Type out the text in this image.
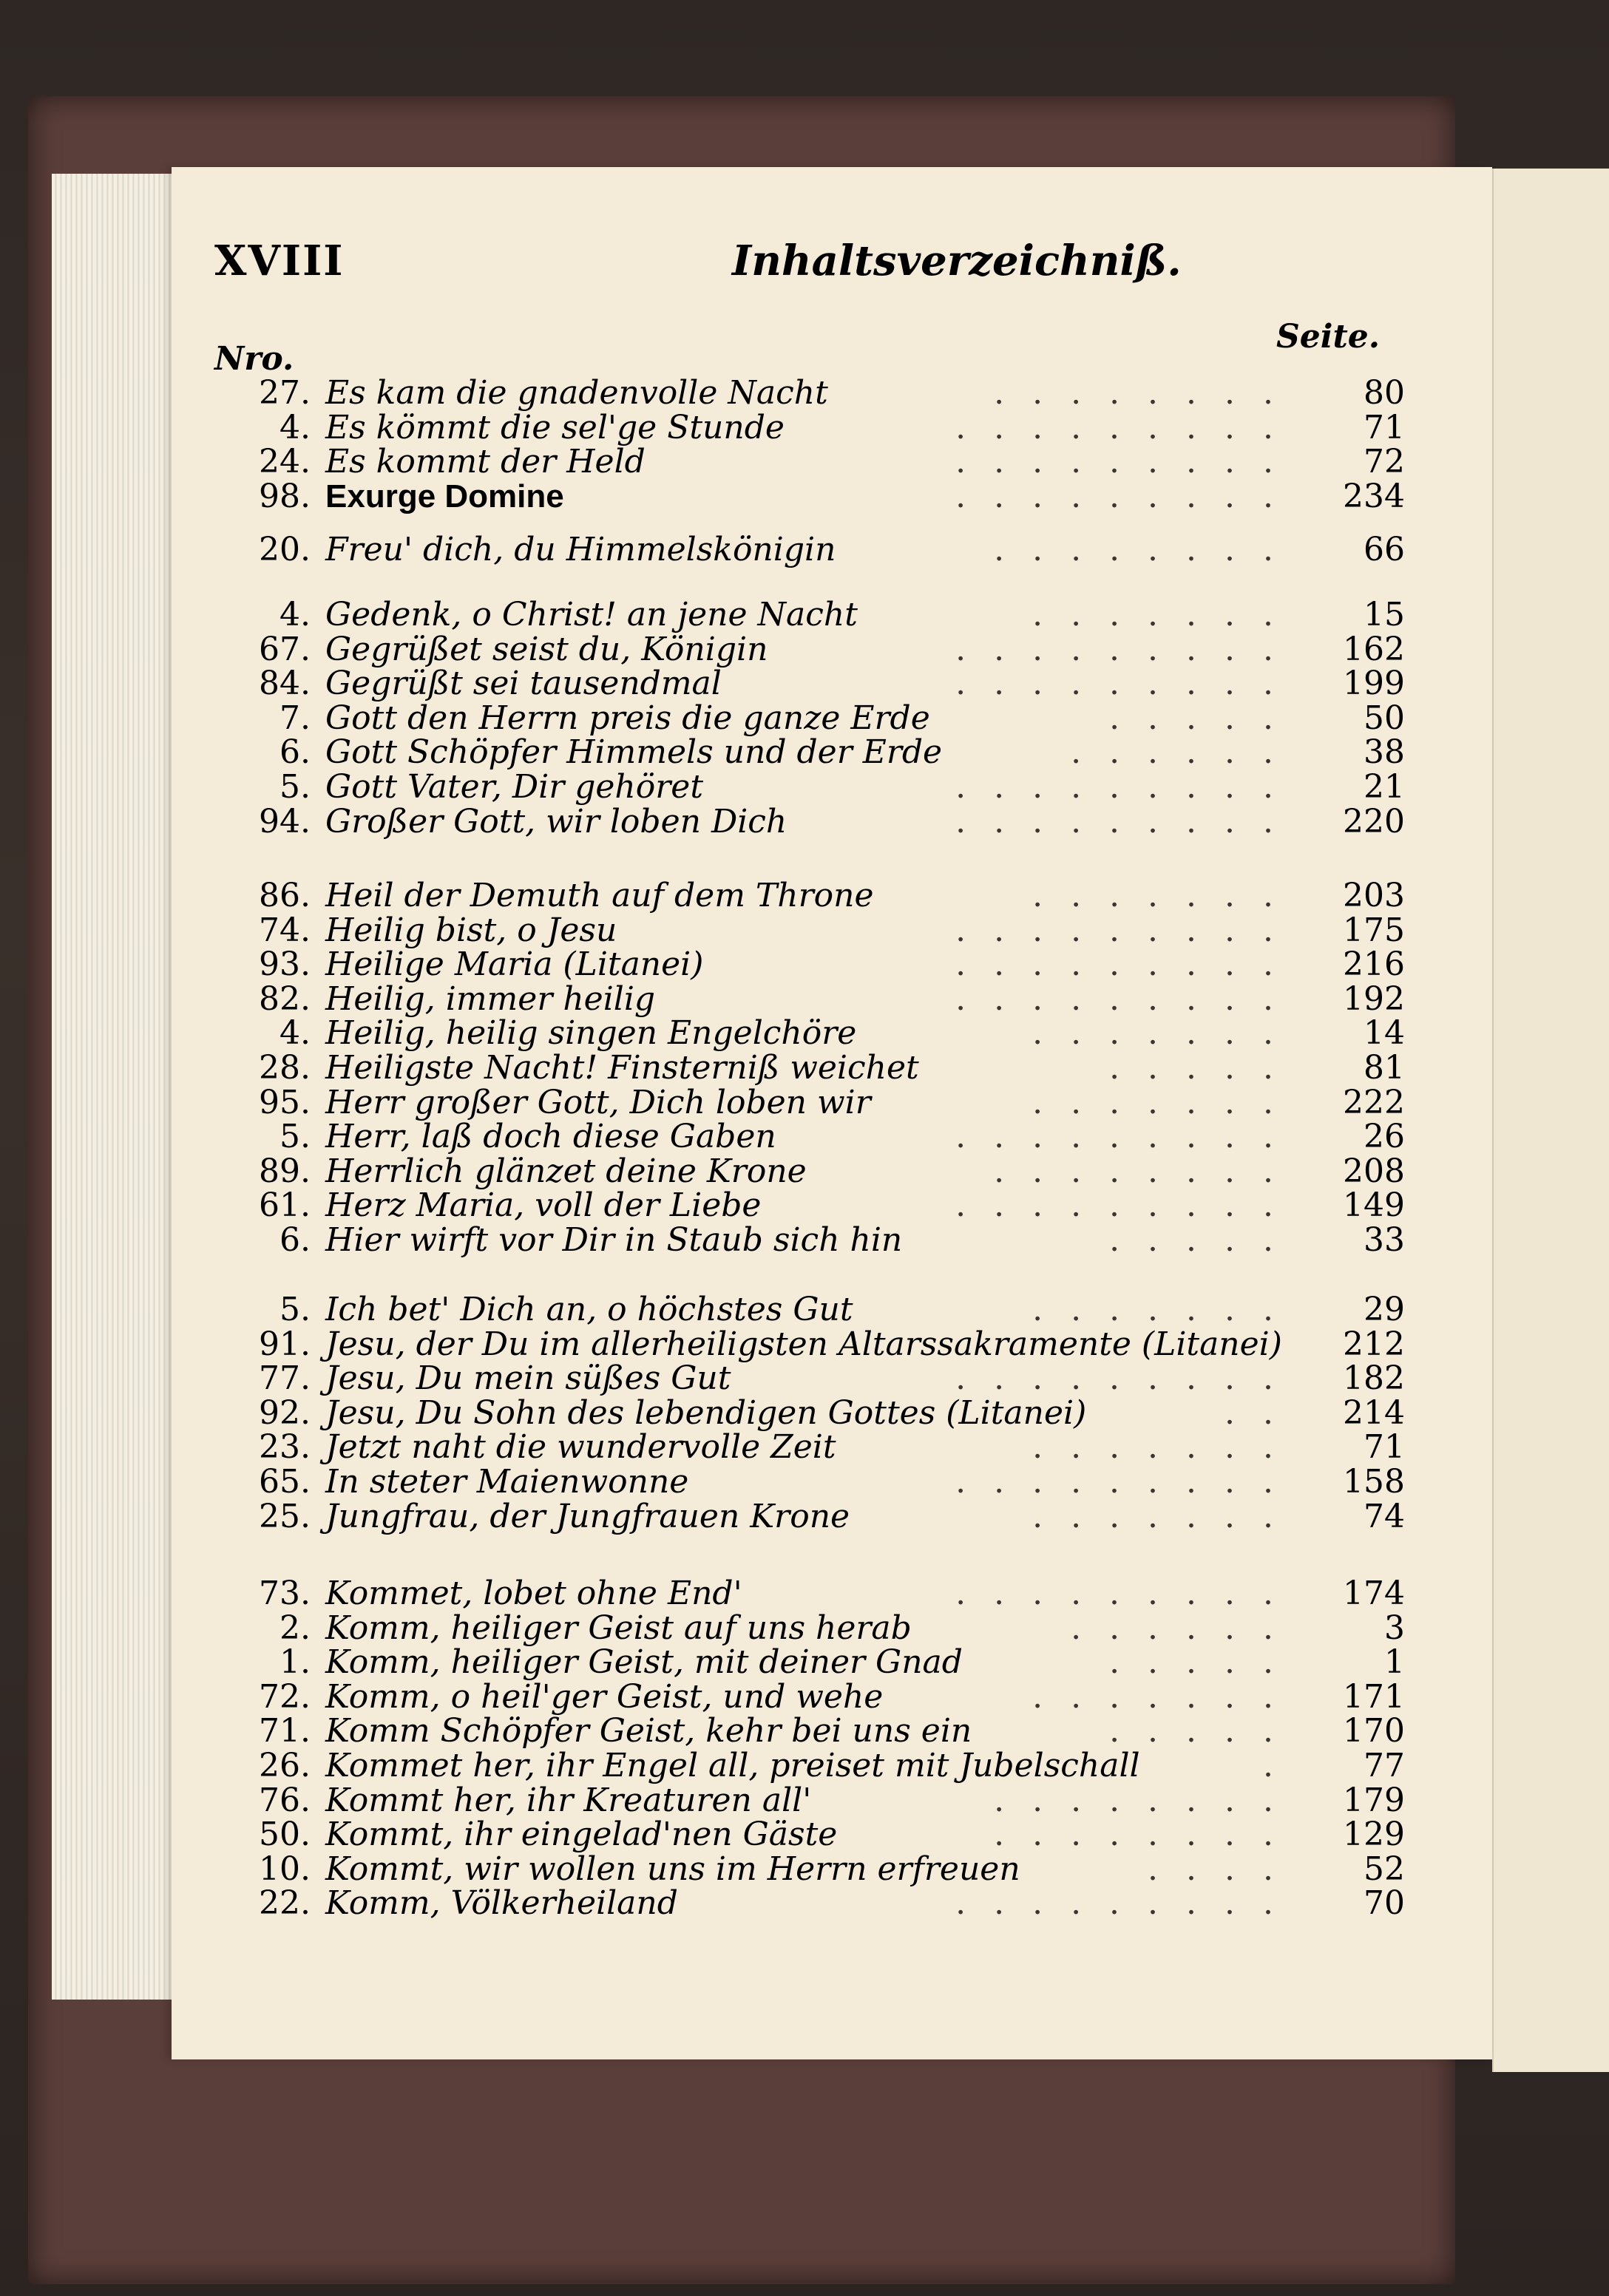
XVIII	Inhaltsverzeichniß.
Nro.
Seite.
27. Es kam die gnadenvolle Nacht	........	80
4. Es kömmt die sel'ge Stunde	.........	71
24. Es kommt der Held	.........	72
98. Exurge Domine	.........	234
20. Freu' dich, du Himmelskönigin	........	66
4. Gedenk, o Christ! an jene Nacht	.......	15
67. Gegrüßet seist du, Königin	.........	162
84. Gegrüßt sei tausendmal	.........	199
7. Gott den Herrn preis die ganze Erde	.....	50
6. Gott Schöpfer Himmels und der Erde	......	38
5. Gott Vater, Dir gehöret	.........	21
94. Großer Gott, wir loben Dich	.........	220
86. Heil der Demuth auf dem Throne	.......	203
74. Heilig bist, o Jesu	.........	175
93. Heilige Maria (Litanei)	.........	216
82. Heilig, immer heilig	.........	192
4. Heilig, heilig singen Engelchöre	.......	14
28. Heiligste Nacht! Finsterniß weichet	.....	81
95. Herr großer Gott, Dich loben wir	.......	222
5. Herr, laß doch diese Gaben	.........	26
89. Herrlich glänzet deine Krone	........	208
61. Herz Maria, voll der Liebe	.........	149
6. Hier wirft vor Dir in Staub sich hin	.....	33
5. Ich bet' Dich an, o höchstes Gut	.......	29
91. Jesu, der Du im allerheiligsten Altarssakramente (Litanei)	212
77. Jesu, Du mein süßes Gut	.........	182
92. Jesu, Du Sohn des lebendigen Gottes (Litanei)	..	214
23. Jetzt naht die wundervolle Zeit	.......	71
65. In steter Maienwonne	.........	158
25. Jungfrau, der Jungfrauen Krone	.......	74
73. Kommet, lobet ohne End'	.........	174
2. Komm, heiliger Geist auf uns herab	......	3
1. Komm, heiliger Geist, mit deiner Gnad	.....	1
72. Komm, o heil'ger Geist, und wehe	.......	171
71. Komm Schöpfer Geist, kehr bei uns ein	.....	170
26. Kommet her, ihr Engel all, preiset mit Jubelschall	.	77
76. Kommt her, ihr Kreaturen all'	........	179
50. Kommt, ihr eingelad'nen Gäste	........	129
10. Kommt, wir wollen uns im Herrn erfreuen	....	52
22. Komm, Völkerheiland	.........	70
